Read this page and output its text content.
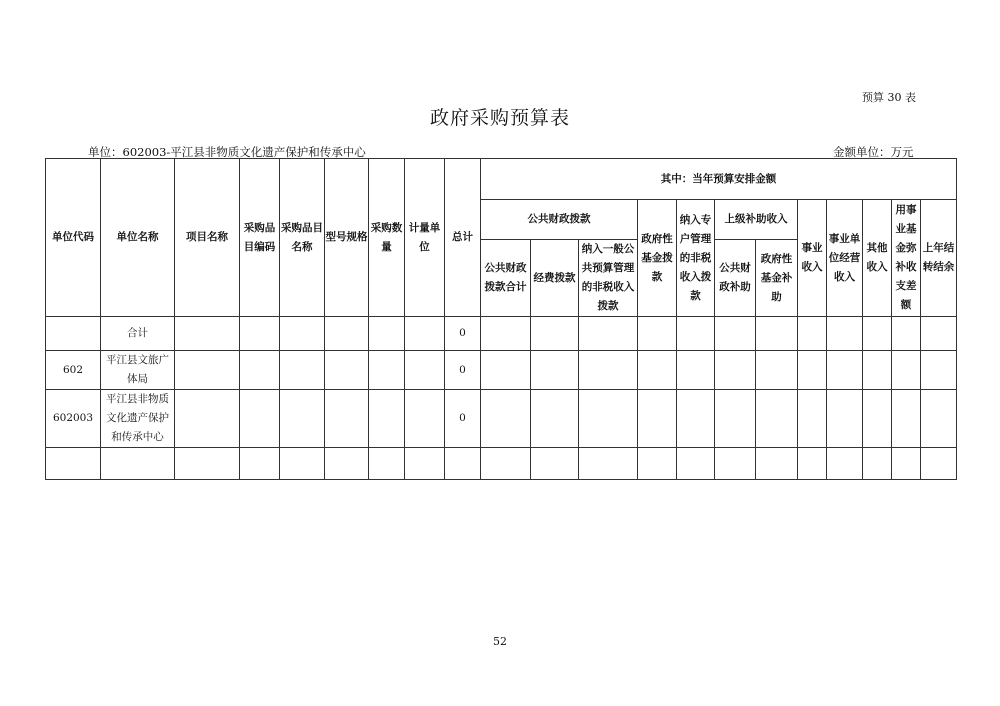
预算 30 表
政府采购预算表
单位：602003-平江县非物质文化遗产保护和传承中心	金额单位：万元
单位代码	单位名称	项目名称	采购品目编码	采购品目名称	型号规格	采购数量	计量单位	总计	其中：当年预算安排金额											
									公共财政拨款			政府性基金拨款	纳入专户管理的非税收入拨款	上级补助收入		事业收入	事业单位经营收入	其他收入	用事业基金弥补收支差额	上年结转结余
									公共财政拨款合计	经费拨款	纳入一般公共预算管理的非税收入拨款			公共财政补助	政府性基金补助					
	合计							0												
602	平江县文旅广体局							0												
602003	平江县非物质文化遗产保护和传承中心							0												

52
